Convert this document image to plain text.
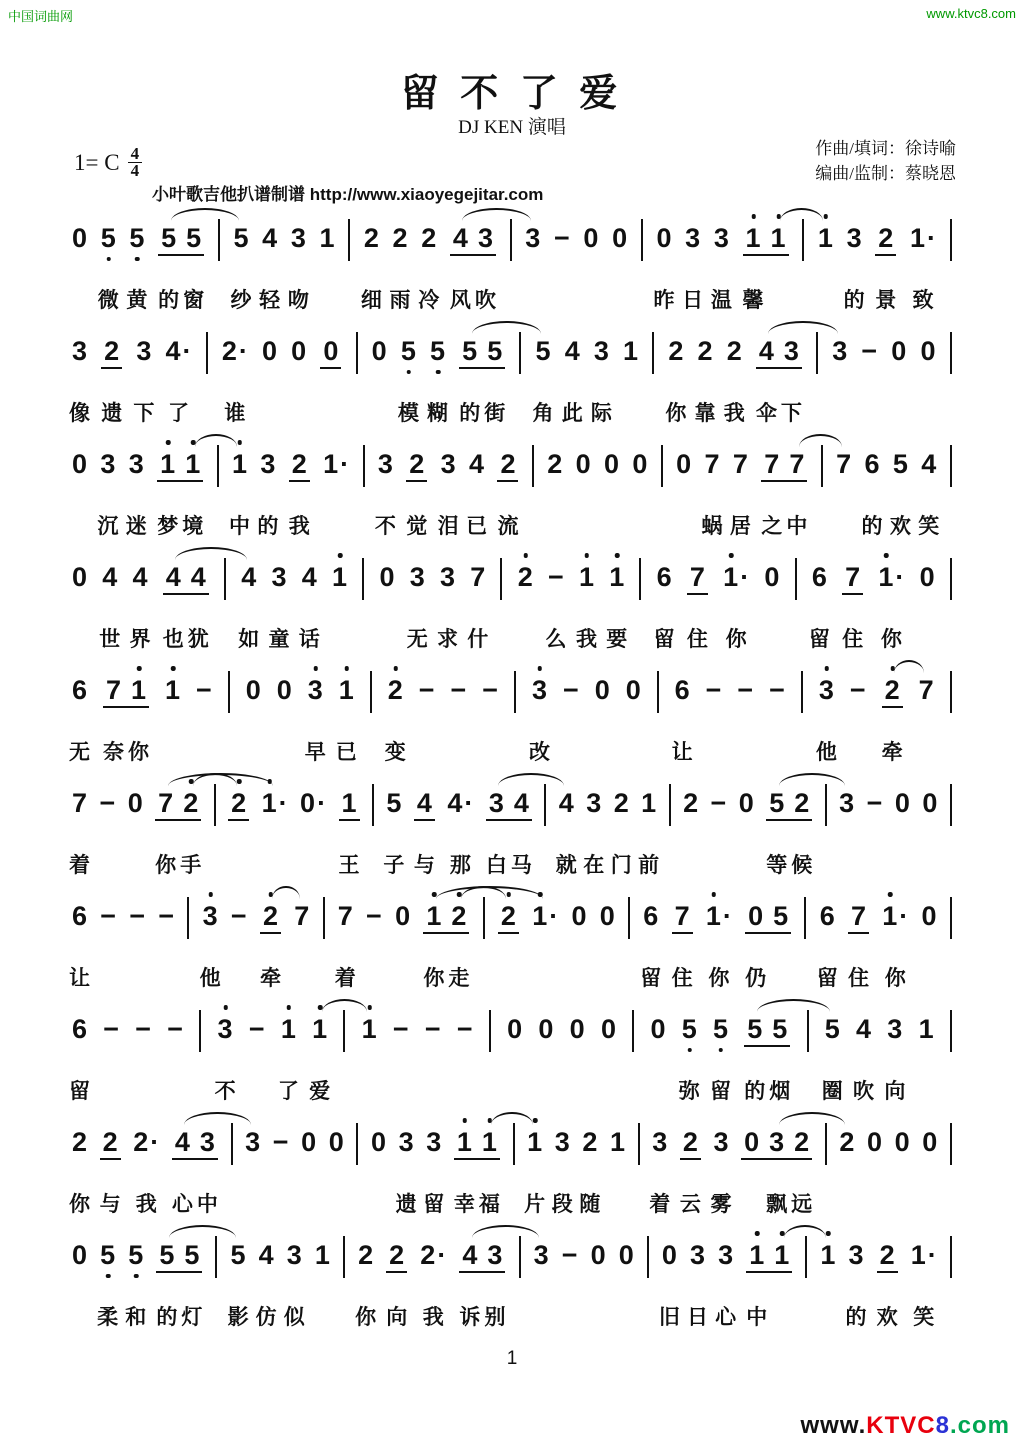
中国词曲网	www.ktvc8.com
留 不 了 爱
DJ KEN 演唱
作曲/填词：徐诗喻
编曲/监制：蔡晓恩
1= C $\frac{4}{4}$
小叶歌吉他扒谱制谱 http://www.xiaoyegejitar.com
0 5 5 5 5 5 4 3 1 2 2 2 4 3 3 − 0 0 0 3 3 1 1 1 3 2 1 ·
微 黄 的 窗 纱 轻 吻 细 雨 冷 风 吹	昨 日 温 馨	的 景 致
3 2 3 4 · 2 · 0 0 0 0 5 5 5 5 5 4 3 1 2 2 2 4 3 3 − 0 0
像 遗 下 了 谁	模 糊 的 街 角 此 际	你 靠 我 伞 下
0 3 3 1 1 1 3 2 1 · 3 2 3 4 2 2 0 0 0 0 7 7 7 7 7 6 5 4
沉 迷 梦 境 中 的 我	不 觉 泪 已 流	蜗 居 之 中	的 欢 笑
0 4 4 4 4 4 3 4 1 0 3 3 7 2 − 1 1 6 7 1 · 0 6 7 1 · 0
世 界 也 犹 如 童 话	无 求 什	么 我 要 留 住 你	留 住 你
6 7 1 1 − 0 0 3 1 2 − − − 3 − 0 0 6 − − − 3 − 2 7
无 奈 你	早 已 变	改	让	他 牵
7 − 0 7 2 2 1 · 0 · 1 5 4 4 · 3 4 4 3 2 1 2 − 0 5 2 3 − 0 0
着	你 手	王 子 与 那 白 马 就 在 门 前	等 候
6 − − − 3 − 2 7 7 − 0 1 2 2 1 · 0 0 6 7 1 · 0 5 6 7 1 · 0
让	他 牵	着	你 走	留 住 你 仍 留 住 你
6 − − − 3 − 1 1 1 − − − 0 0 0 0 0 5 5 5 5 5 4 3 1
留	不 了 爱	弥 留 的 烟 圈 吹 向
2 2 2 · 4 3 3 − 0 0 0 3 3 1 1 1 3 2 1 3 2 3 0 3 2 2 0 0 0
你 与 我 心 中	遗 留 幸 福 片 段 随 着 云 雾 飘 远
0 5 5 5 5 5 4 3 1 2 2 2 · 4 3 3 − 0 0 0 3 3 1 1 1 3 2 1 ·
柔 和 的 灯 影 仿 似 你 向 我 诉 别	旧 日 心 中	的 欢 笑
1
www.KTVC8.com
